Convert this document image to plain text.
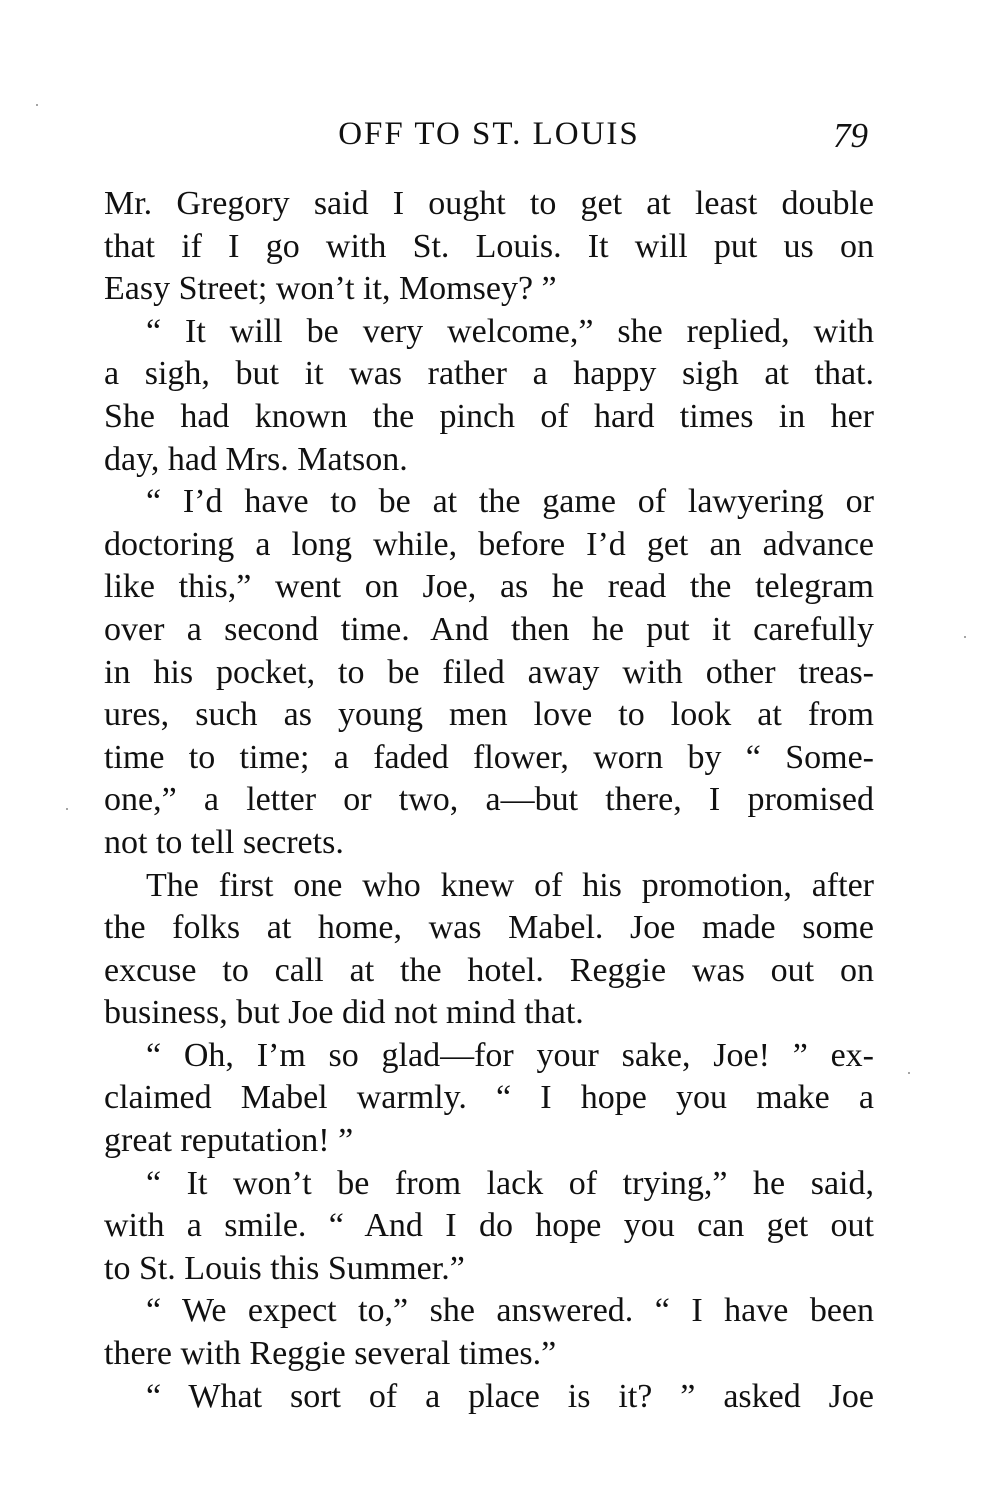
OFF TO ST. LOUIS	79
Mr. Gregory said I ought to get at least double
that if I go with St. Louis. It will put us on
Easy Street; won’t it, Momsey? ”
“ It will be very welcome,” she replied, with
a sigh, but it was rather a happy sigh at that.
She had known the pinch of hard times in her
day, had Mrs. Matson.
“ I’d have to be at the game of lawyering or
doctoring a long while, before I’d get an advance
like this,” went on Joe, as he read the telegram
over a second time. And then he put it carefully
in his pocket, to be filed away with other treas-
ures, such as young men love to look at from
time to time; a faded flower, worn by “ Some-
one,” a letter or two, a—but there, I promised
not to tell secrets.
The first one who knew of his promotion, after
the folks at home, was Mabel. Joe made some
excuse to call at the hotel. Reggie was out on
business, but Joe did not mind that.
“ Oh, I’m so glad—for your sake, Joe! ” ex-
claimed Mabel warmly. “ I hope you make a
great reputation! ”
“ It won’t be from lack of trying,” he said,
with a smile. “ And I do hope you can get out
to St. Louis this Summer.”
“ We expect to,” she answered. “ I have been
there with Reggie several times.”
“ What sort of a place is it? ” asked Joe
